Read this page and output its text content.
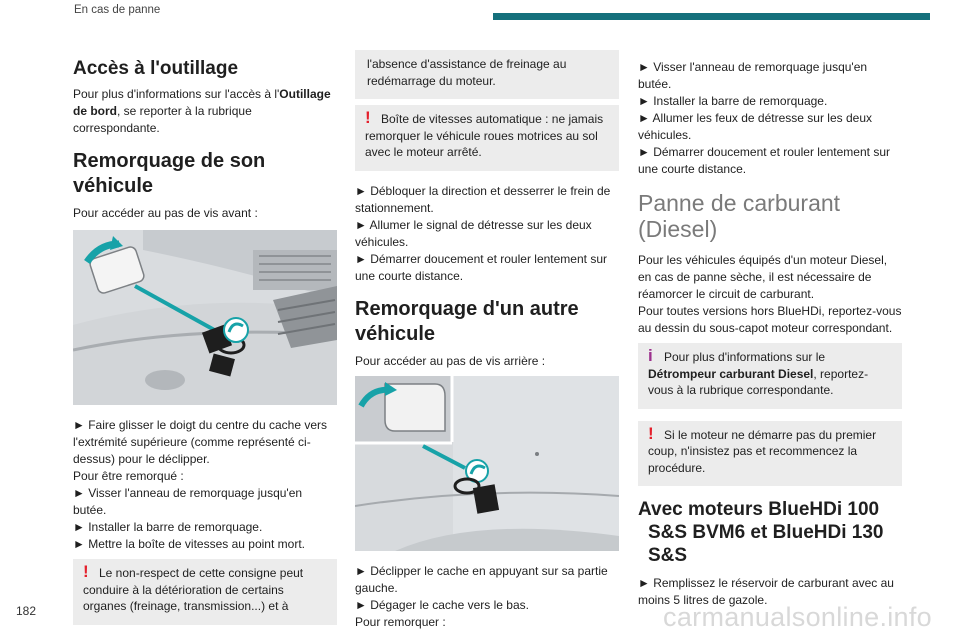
En cas de panne
Accès à l'outillage

Pour plus d'informations sur l'accès à l'Outillage de bord, se reporter à la rubrique correspondante.

Remorquage de son véhicule

Pour accéder au pas de vis avant :

► Faire glisser le doigt du centre du cache vers l'extrémité supérieure (comme représenté ci-dessus) pour le déclipper.

Pour être remorqué :

► Visser l'anneau de remorquage jusqu'en butée.

► Installer la barre de remorquage.

► Mettre la boîte de vitesses au point mort.

! Le non-respect de cette consigne peut conduire à la détérioration de certains organes (freinage, transmission...) et à
l'absence d'assistance de freinage au redémarrage du moteur.
! Boîte de vitesses automatique : ne jamais remorquer le véhicule roues motrices au sol avec le moteur arrêté.

► Débloquer la direction et desserrer le frein de stationnement.

► Allumer le signal de détresse sur les deux véhicules.

► Démarrer doucement et rouler lentement sur une courte distance.

Remorquage d'un autre véhicule

Pour accéder au pas de vis arrière :

► Déclipper le cache en appuyant sur sa partie gauche.

► Dégager le cache vers le bas.

Pour remorquer :

► Visser l'anneau de remorquage jusqu'en butée.

► Installer la barre de remorquage.

► Allumer les feux de détresse sur les deux véhicules.

► Démarrer doucement et rouler lentement sur une courte distance.

Panne de carburant (Diesel)

Pour les véhicules équipés d'un moteur Diesel, en cas de panne sèche, il est nécessaire de réamorcer le circuit de carburant.

Pour toutes versions hors BlueHDi, reportez-vous au dessin du sous-capot moteur correspondant.

i Pour plus d'informations sur le Détrompeur carburant Diesel, reportez-vous à la rubrique correspondante.
! Si le moteur ne démarre pas du premier coup, n'insistez pas et recommencez la procédure.
Avec moteurs BlueHDi 100 S&S BVM6 et BlueHDi 130 S&S

► Remplissez le réservoir de carburant avec au moins 5 litres de gazole.

182	carmanualsonline.info
